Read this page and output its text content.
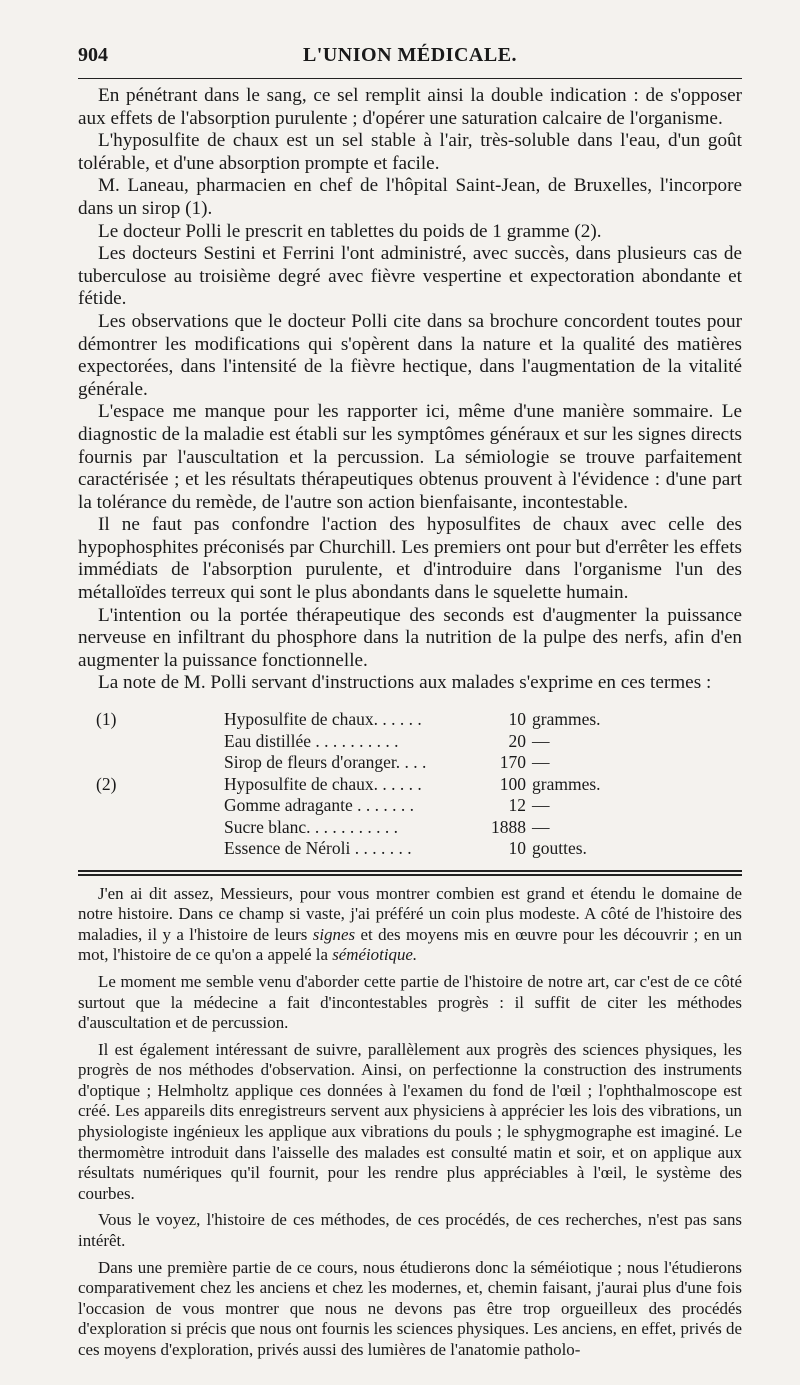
904	L'UNION MÉDICALE.

En pénétrant dans le sang, ce sel remplit ainsi la double indication : de s'opposer aux effets de l'absorption purulente ; d'opérer une saturation calcaire de l'organisme.

L'hyposulfite de chaux est un sel stable à l'air, très-soluble dans l'eau, d'un goût tolérable, et d'une absorption prompte et facile.

M. Laneau, pharmacien en chef de l'hôpital Saint-Jean, de Bruxelles, l'incorpore dans un sirop (1).

Le docteur Polli le prescrit en tablettes du poids de 1 gramme (2).

Les docteurs Sestini et Ferrini l'ont administré, avec succès, dans plusieurs cas de tuberculose au troisième degré avec fièvre vespertine et expectoration abondante et fétide.

Les observations que le docteur Polli cite dans sa brochure concordent toutes pour démontrer les modifications qui s'opèrent dans la nature et la qualité des matières expectorées, dans l'intensité de la fièvre hectique, dans l'augmentation de la vitalité générale.

L'espace me manque pour les rapporter ici, même d'une manière sommaire. Le diagnostic de la maladie est établi sur les symptômes généraux et sur les signes directs fournis par l'auscultation et la percussion. La sémiologie se trouve parfaitement caractérisée ; et les résultats thérapeutiques obtenus prouvent à l'évidence : d'une part la tolérance du remède, de l'autre son action bienfaisante, incontestable.

Il ne faut pas confondre l'action des hyposulfites de chaux avec celle des hypophosphites préconisés par Churchill. Les premiers ont pour but d'errêter les effets immédiats de l'absorption purulente, et d'introduire dans l'organisme l'un des métalloïdes terreux qui sont le plus abondants dans le squelette humain.

L'intention ou la portée thérapeutique des seconds est d'augmenter la puissance nerveuse en infiltrant du phosphore dans la nutrition de la pulpe des nerfs, afin d'en augmenter la puissance fonctionnelle.

La note de M. Polli servant d'instructions aux malades s'exprime en ces termes :

(1)	Hyposulfite de chaux. . . . . .	10 grammes.
Eau distillée . . . . . . . . . .	20 —
Sirop de fleurs d'oranger. . . .	170 —
(2)	Hyposulfite de chaux. . . . . .	100 grammes.
Gomme adragante . . . . . . .	12 —
Sucre blanc. . . . . . . . . . .	1888 —
Essence de Néroli . . . . . . .	10 gouttes.

J'en ai dit assez, Messieurs, pour vous montrer combien est grand et étendu le domaine de notre histoire. Dans ce champ si vaste, j'ai préféré un coin plus modeste. A côté de l'histoire des maladies, il y a l'histoire de leurs signes et des moyens mis en œuvre pour les découvrir ; en un mot, l'histoire de ce qu'on a appelé la séméiotique.

Le moment me semble venu d'aborder cette partie de l'histoire de notre art, car c'est de ce côté surtout que la médecine a fait d'incontestables progrès : il suffit de citer les méthodes d'auscultation et de percussion.

Il est également intéressant de suivre, parallèlement aux progrès des sciences physiques, les progrès de nos méthodes d'observation. Ainsi, on perfectionne la construction des instruments d'optique ; Helmholtz applique ces données à l'examen du fond de l'œil ; l'ophthalmoscope est créé. Les appareils dits enregistreurs servent aux physiciens à apprécier les lois des vibrations, un physiologiste ingénieux les applique aux vibrations du pouls ; le sphygmographe est imaginé. Le thermomètre introduit dans l'aisselle des malades est consulté matin et soir, et on applique aux résultats numériques qu'il fournit, pour les rendre plus appréciables à l'œil, le système des courbes.

Vous le voyez, l'histoire de ces méthodes, de ces procédés, de ces recherches, n'est pas sans intérêt.

Dans une première partie de ce cours, nous étudierons donc la séméiotique ; nous l'étudierons comparativement chez les anciens et chez les modernes, et, chemin faisant, j'aurai plus d'une fois l'occasion de vous montrer que nous ne devons pas être trop orgueilleux des procédés d'exploration si précis que nous ont fournis les sciences physiques. Les anciens, en effet, privés de ces moyens d'exploration, privés aussi des lumières de l'anatomie patholo-
